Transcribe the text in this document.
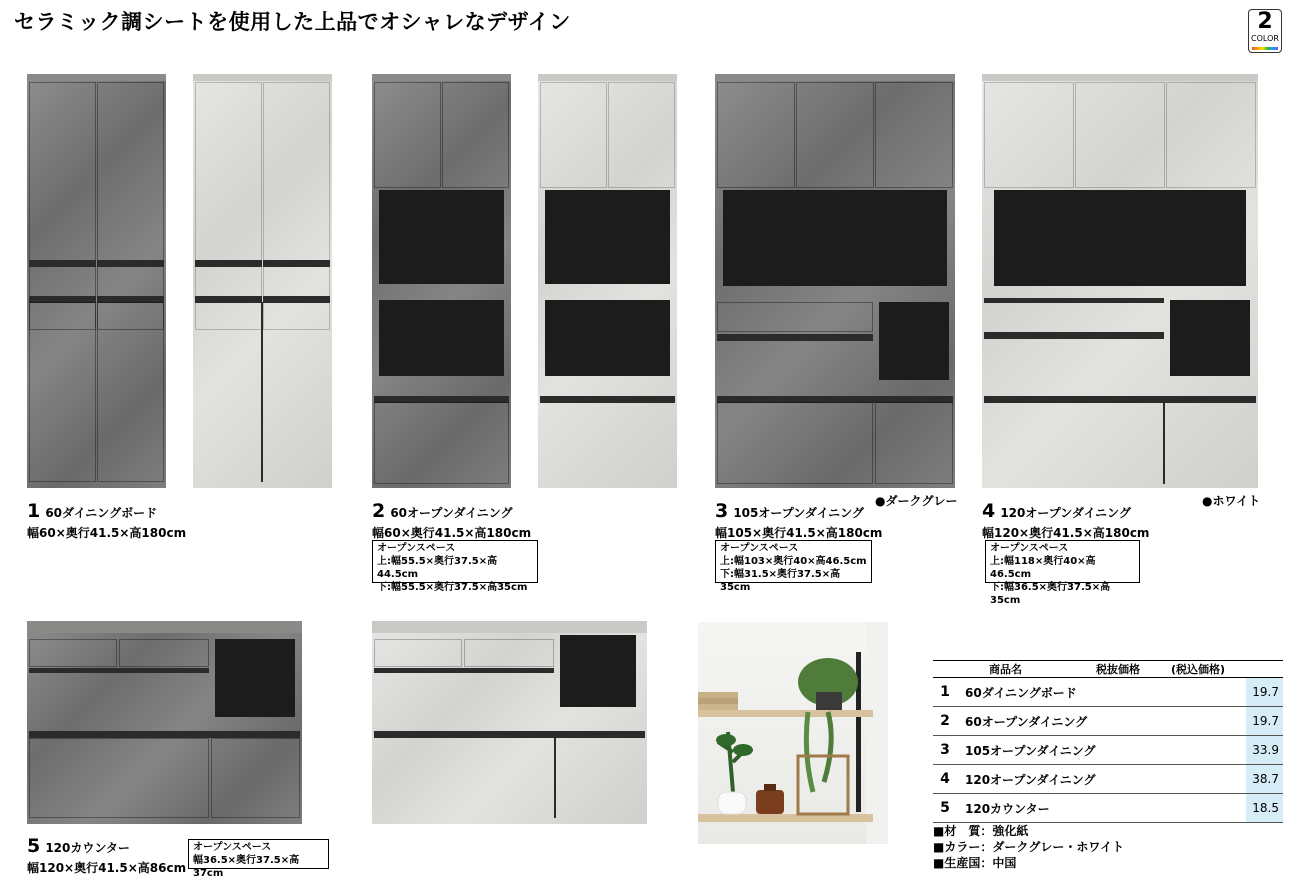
セラミック調シートを使用した上品でオシャレなデザイン	2
COLOR
1 60ダイニングボード
幅60×奥行41.5×高180cm
2 60オープンダイニング
幅60×奥行41.5×高180cm
オープンスペース
上:幅55.5×奥行37.5×高44.5cm
下:幅55.5×奥行37.5×高35cm
●ダークグレー
3 105オープンダイニング
幅105×奥行41.5×高180cm
オープンスペース
上:幅103×奥行40×高46.5cm
下:幅31.5×奥行37.5×高35cm
●ホワイト
4 120オープンダイニング
幅120×奥行41.5×高180cm
オープンスペース
上:幅118×奥行40×高46.5cm
下:幅36.5×奥行37.5×高35cm
5 120カウンター
幅120×奥行41.5×高86cm
オープンスペース
幅36.5×奥行37.5×高37cm
	商品名	税抜価格	(税込価格)	
1	60ダイニングボード			19.7
2	60オープンダイニング			19.7
3	105オープンダイニング			33.9
4	120オープンダイニング			38.7
5	120カウンター			18.5
■材　質：強化紙
■カラー：ダークグレー・ホワイト
■生産国：中国
